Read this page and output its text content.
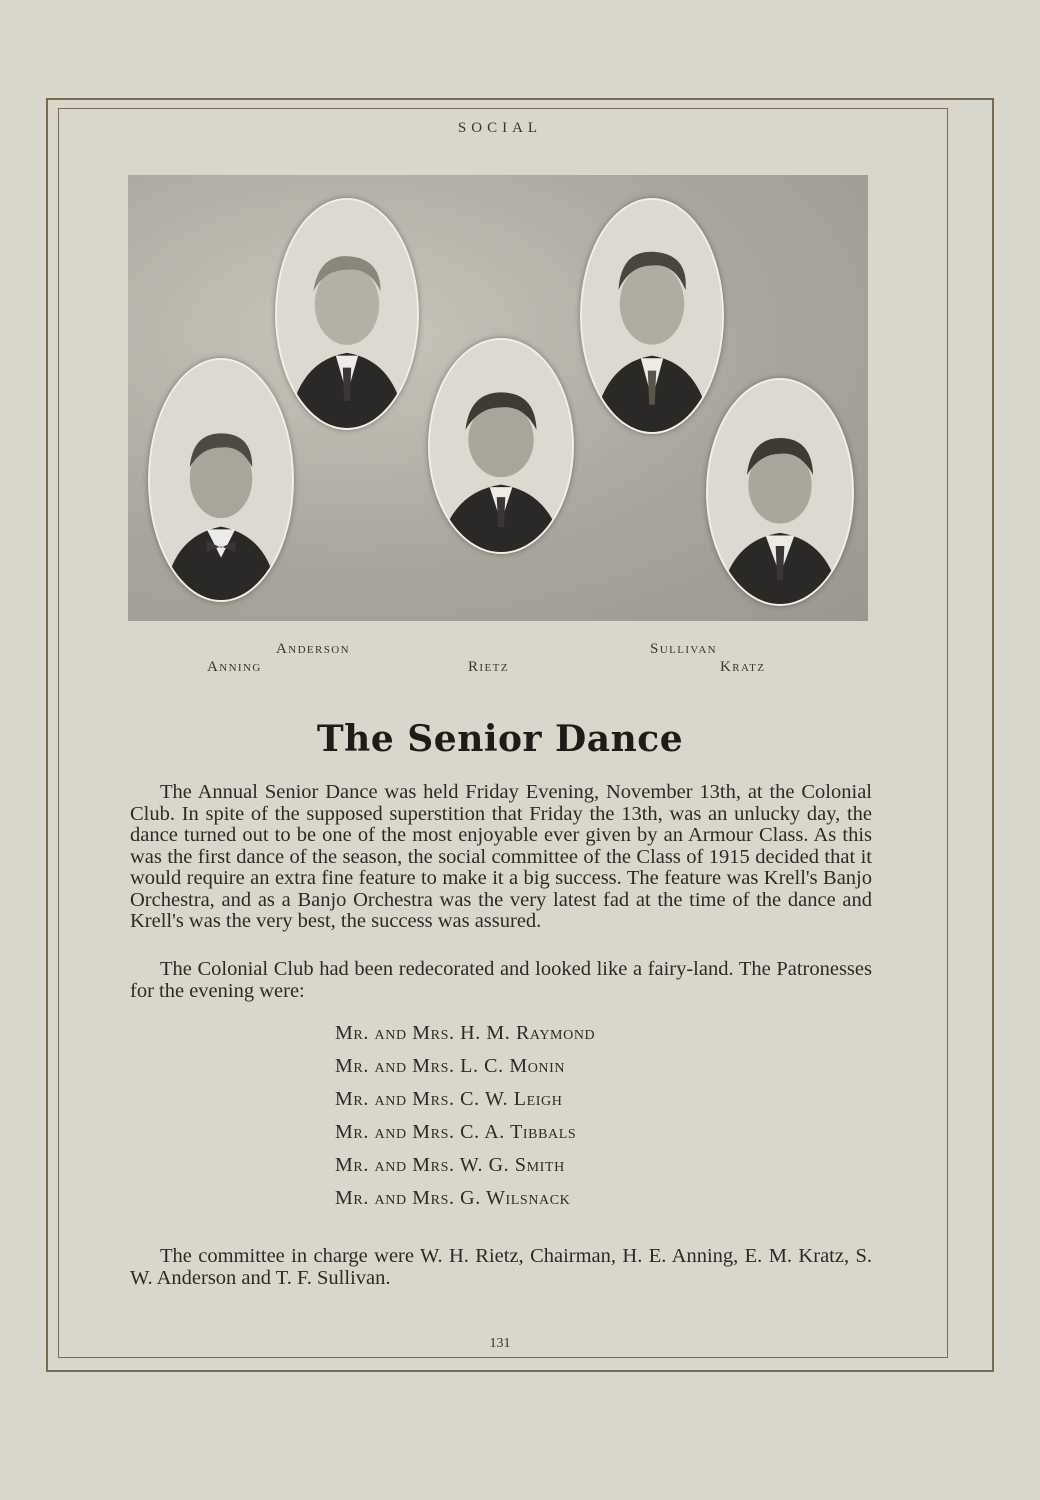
SOCIAL
Anderson
Anning	Rietz
Sullivan
Kratz
The Senior Dance

The Annual Senior Dance was held Friday Evening, November 13th, at the Colonial Club. In spite of the supposed superstition that Friday the 13th, was an unlucky day, the dance turned out to be one of the most enjoyable ever given by an Armour Class. As this was the first dance of the season, the social committee of the Class of 1915 decided that it would require an extra fine feature to make it a big success. The feature was Krell's Banjo Orchestra, and as a Banjo Orchestra was the very latest fad at the time of the dance and Krell's was the very best, the success was assured.

The Colonial Club had been redecorated and looked like a fairy-land. The Patronesses for the evening were:

Mr. and Mrs. H. M. Raymond
Mr. and Mrs. L. C. Monin
Mr. and Mrs. C. W. Leigh
Mr. and Mrs. C. A. Tibbals
Mr. and Mrs. W. G. Smith
Mr. and Mrs. G. Wilsnack

The committee in charge were W. H. Rietz, Chairman, H. E. Anning, E. M. Kratz, S. W. Anderson and T. F. Sullivan.

131
